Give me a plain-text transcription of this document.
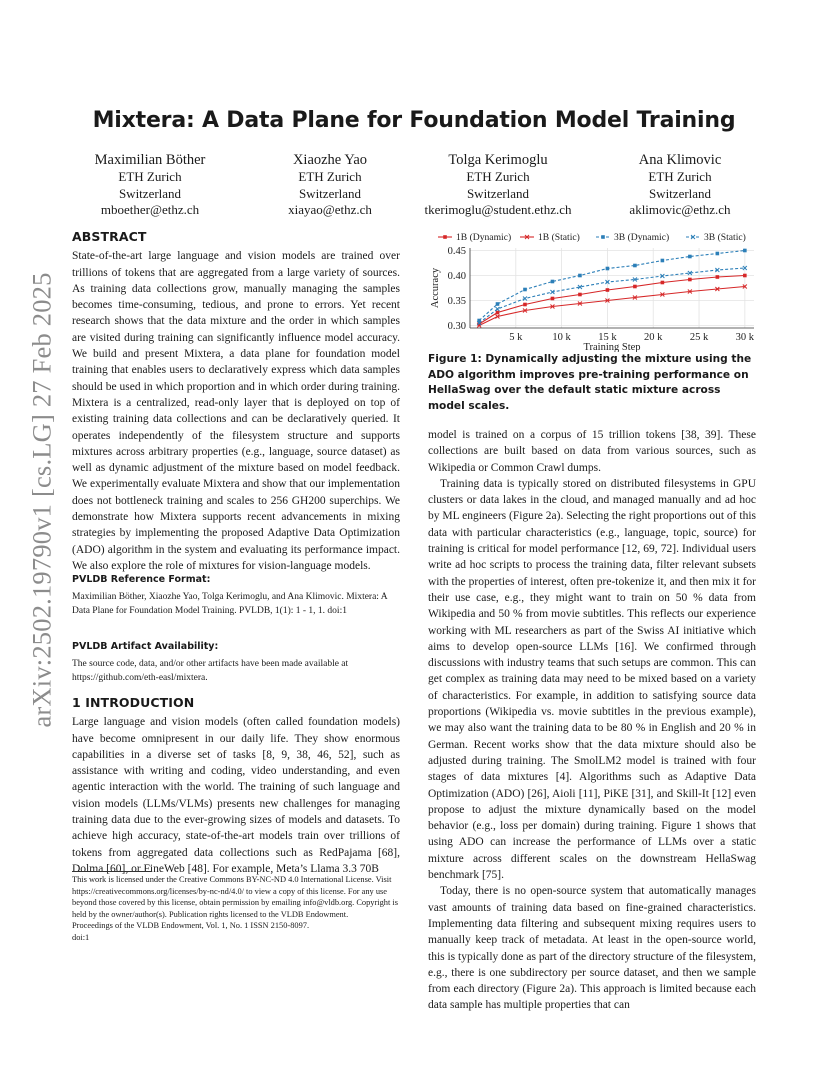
arXiv:2502.19790v1 [cs.LG] 27 Feb 2025
Mixtera: A Data Plane for Foundation Model Training
Maximilian Böther
ETH Zurich
Switzerland
mboether@ethz.ch
Xiaozhe Yao
ETH Zurich
Switzerland
xiayao@ethz.ch
Tolga Kerimoglu
ETH Zurich
Switzerland
tkerimoglu@student.ethz.ch
Ana Klimovic
ETH Zurich
Switzerland
aklimovic@ethz.ch
ABSTRACT

State-of-the-art large language and vision models are trained over trillions of tokens that are aggregated from a large variety of sources. As training data collections grow, manually managing the samples becomes time-consuming, tedious, and prone to errors. Yet recent research shows that the data mixture and the order in which samples are visited during training can significantly influence model accuracy. We build and present Mixtera, a data plane for foundation model training that enables users to declaratively express which data samples should be used in which proportion and in which order during training. Mixtera is a centralized, read-only layer that is deployed on top of existing training data collections and can be declaratively queried. It operates independently of the filesystem structure and supports mixtures across arbitrary properties (e.g., language, source dataset) as well as dynamic adjustment of the mixture based on model feedback. We experimentally evaluate Mixtera and show that our implementation does not bottleneck training and scales to 256 GH200 superchips. We demonstrate how Mixtera supports recent advancements in mixing strategies by implementing the proposed Adaptive Data Optimization (ADO) algorithm in the system and evaluating its performance impact. We also explore the role of mixtures for vision-language models.

PVLDB Reference Format:

Maximilian Böther, Xiaozhe Yao, Tolga Kerimoglu, and Ana Klimovic. Mixtera: A Data Plane for Foundation Model Training. PVLDB, 1(1): 1 - 1, 1. doi:1

PVLDB Artifact Availability:

The source code, data, and/or other artifacts have been made available at https://github.com/eth-easl/mixtera.

1 INTRODUCTION

Large language and vision models (often called foundation models) have become omnipresent in our daily life. They show enormous capabilities in a diverse set of tasks [8, 9, 38, 46, 52], such as assistance with writing and coding, video understanding, and even agentic interaction with the world. The training of such language and vision models (LLMs/VLMs) presents new challenges for managing training data due to the ever-growing sizes of models and datasets. To achieve high accuracy, state-of-the-art models train over trillions of tokens from aggregated data collections such as RedPajama [68], Dolma [60], or FineWeb [48]. For example, Meta’s Llama 3.3 70B

This work is licensed under the Creative Commons BY-NC-ND 4.0 International License. Visit https://creativecommons.org/licenses/by-nc-nd/4.0/ to view a copy of this license. For any use beyond those covered by this license, obtain permission by emailing info@vldb.org. Copyright is held by the owner/author(s). Publication rights licensed to the VLDB Endowment.

Proceedings of the VLDB Endowment, Vol. 1, No. 1 ISSN 2150-8097.

doi:1

0.30
0.35
0.40
0.45
5 k	10 k	15 k	20 k	25 k	30 k
Training Step
Accuracy
1B (Dynamic)	1B (Static)	3B (Dynamic)	3B (Static)

Figure 1: Dynamically adjusting the mixture using the ADO algorithm improves pre-training performance on HellaSwag over the default static mixture across model scales.

model is trained on a corpus of 15 trillion tokens [38, 39]. These collections are built based on data from various sources, such as Wikipedia or Common Crawl dumps.

Training data is typically stored on distributed filesystems in GPU clusters or data lakes in the cloud, and managed manually and ad hoc by ML engineers (Figure 2a). Selecting the right proportions out of this data with particular characteristics (e.g., language, topic, source) for training is critical for model performance [12, 69, 72]. Individual users write ad hoc scripts to process the training data, filter relevant subsets with the properties of interest, often pre-tokenize it, and then mix it for their use case, e.g., they might want to train on 50 % data from Wikipedia and 50 % from movie subtitles. This reflects our experience working with ML researchers as part of the Swiss AI initiative which aims to develop open-source LLMs [16]. We confirmed through discussions with industry teams that such setups are common. This can get complex as training data may need to be mixed based on a variety of characteristics. For example, in addition to satisfying source data proportions (Wikipedia vs. movie subtitles in the previous example), we may also want the training data to be 80 % in English and 20 % in German. Recent works show that the data mixture should also be adjusted during training. The SmolLM2 model is trained with four stages of data mixtures [4]. Algorithms such as Adaptive Data Optimization (ADO) [26], Aioli [11], PiKE [31], and Skill-It [12] even propose to adjust the mixture dynamically based on the model behavior (e.g., loss per domain) during training. Figure 1 shows that using ADO can increase the performance of LLMs over a static mixture across different scales on the downstream HellaSwag benchmark [75].

Today, there is no open-source system that automatically manages vast amounts of training data based on fine-grained characteristics. Implementing data filtering and subsequent mixing requires users to manually keep track of metadata. At least in the open-source world, this is typically done as part of the directory structure of the filesystem, e.g., there is one subdirectory per source dataset, and then we sample from each directory (Figure 2a). This approach is limited because each data sample has multiple properties that can
